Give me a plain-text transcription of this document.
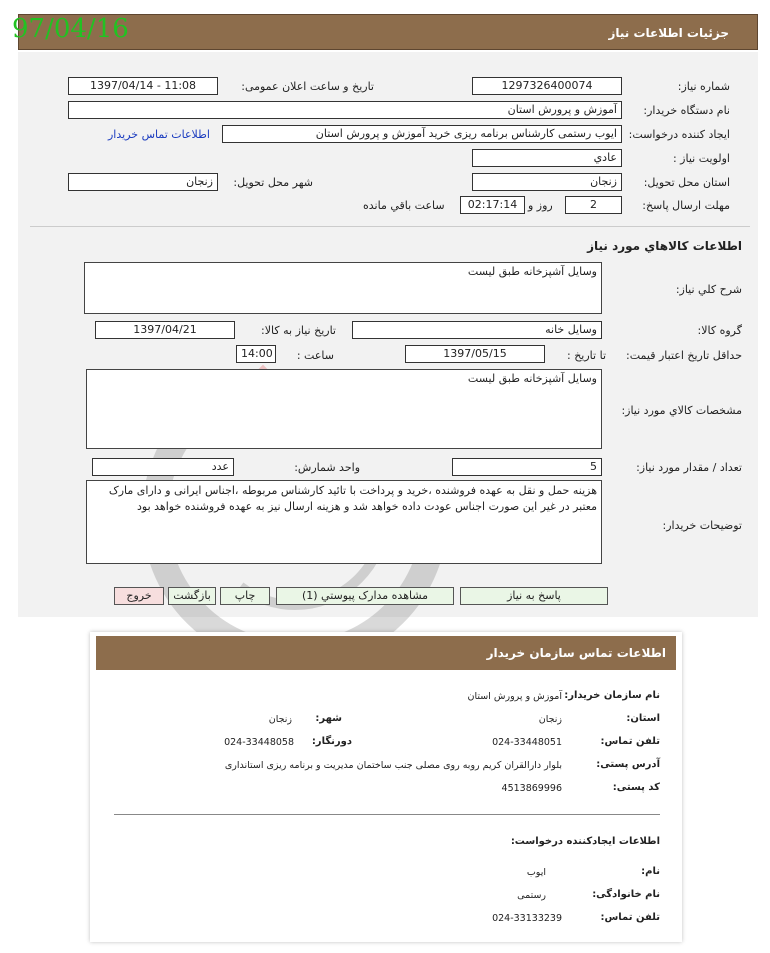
جزئیات اطلاعات نیاز
97/04/16
شماره نیاز:
1297326400074
تاریخ و ساعت اعلان عمومی:
1397/04/14 - 11:08
نام دستگاه خریدار:
آموزش و پرورش استان
ایجاد کننده درخواست:
ایوب رستمی کارشناس برنامه ریزی خرید آموزش و پرورش استان
اطلاعات تماس خریدار
اولویت نیاز :
عادي
استان محل تحویل:
زنجان
شهر محل تحویل:
زنجان
مهلت ارسال پاسخ:
2
روز و
02:17:14
ساعت باقي مانده
اطلاعات کالاهاي مورد نياز
شرح کلي نياز:
وسایل آشپزخانه طبق لیست
گروه کالا:
وسایل خانه
تاریخ نیاز به کالا:
1397/04/21
حداقل تاریخ اعتبار قیمت:
تا تاریخ :
1397/05/15
ساعت :
14:00
مشخصات کالاي مورد نياز:
وسایل آشپزخانه طبق لیست
تعداد / مقدار مورد نیاز:
5
واحد شمارش:
عدد
توضیحات خریدار:
هزینه حمل و نقل به عهده فروشنده ،خرید و پرداخت با تائید کارشناس مربوطه ،اجناس ایرانی و دارای مارک معتبر در غیر این صورت اجناس عودت داده خواهد شد و هزینه ارسال نیز به عهده فروشنده خواهد بود
پاسخ به نیاز
مشاهده مدارک پیوستي (1)
چاپ
بازگشت
خروج
اطلاعات تماس سازمان خریدار
نام سازمان خریدار:
آموزش و پرورش استان
استان:
زنجان
شهر:
زنجان
تلفن تماس:
024-33448051
دورنگار:
024-33448058
آدرس پستی:
بلوار دارالقران کریم روبه روی مصلی جنب ساختمان مدیریت و برنامه ریزی استانداری
کد پستی:
4513869996
اطلاعات ایجادکننده درخواست:
نام:
ایوب
نام خانوادگی:
رستمی
تلفن تماس:
024-33133239
